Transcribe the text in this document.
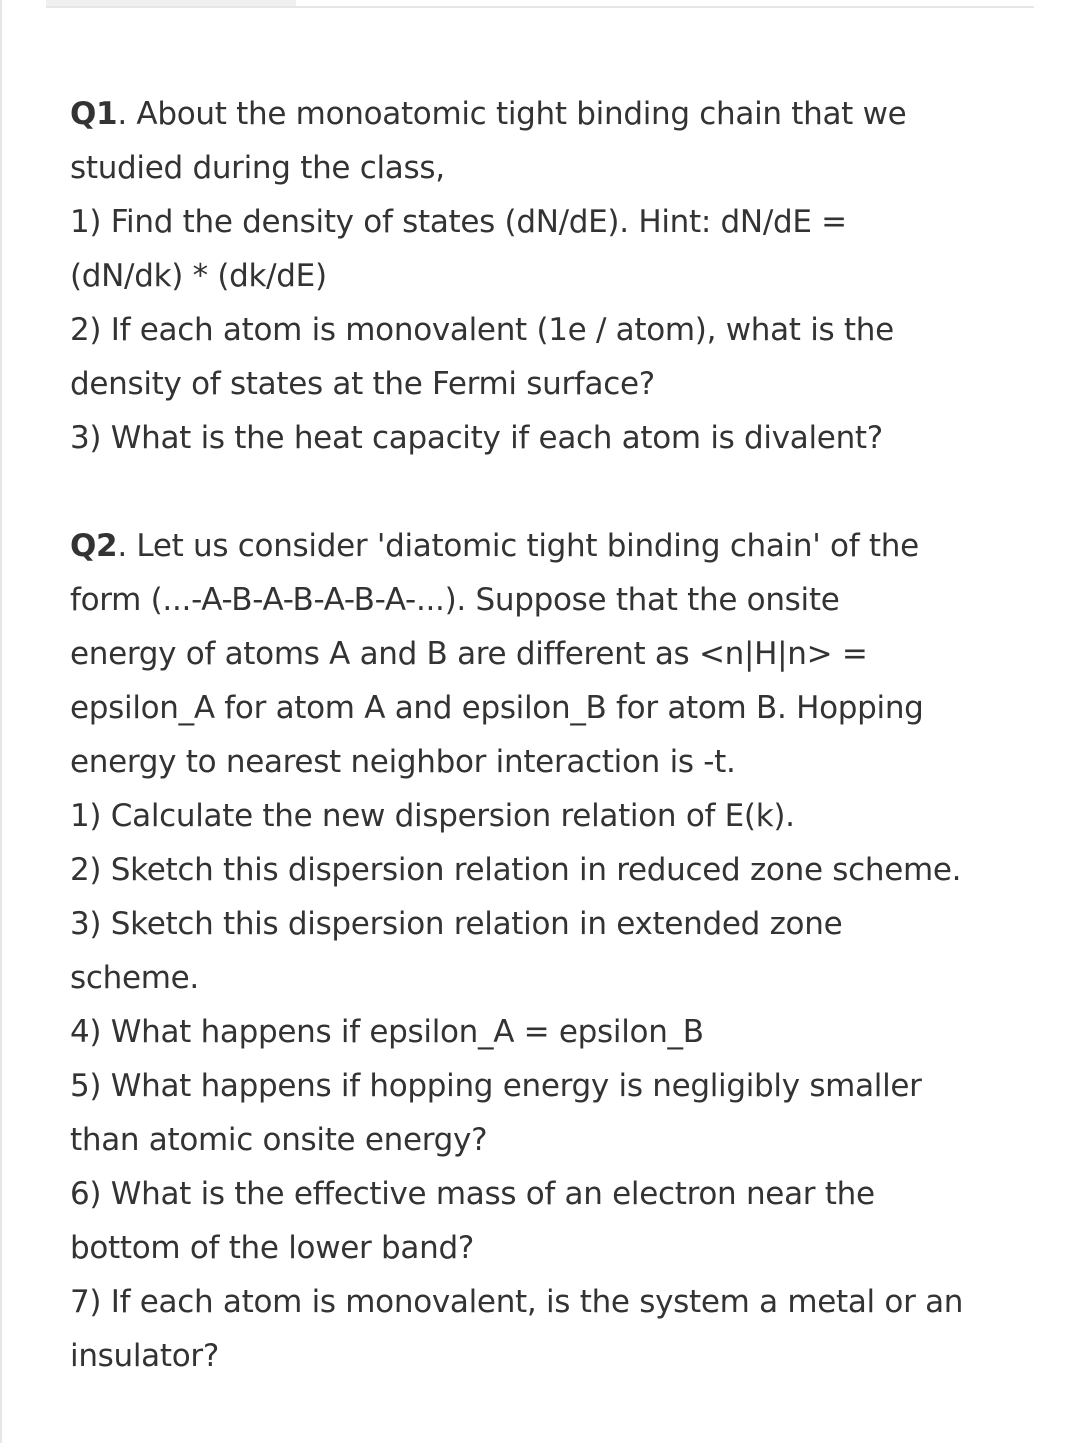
Q1. About the monoatomic tight binding chain that we
studied during the class,
1) Find the density of states (dN/dE). Hint: dN/dE =
(dN/dk) * (dk/dE)
2) If each atom is monovalent (1e / atom), what is the
density of states at the Fermi surface?
3) What is the heat capacity if each atom is divalent?
Q2. Let us consider 'diatomic tight binding chain' of the
form (...-A-B-A-B-A-B-A-...). Suppose that the onsite
energy of atoms A and B are different as <n|H|n> =
epsilon_A for atom A and epsilon_B for atom B. Hopping
energy to nearest neighbor interaction is -t.
1) Calculate the new dispersion relation of E(k).
2) Sketch this dispersion relation in reduced zone scheme.
3) Sketch this dispersion relation in extended zone
scheme.
4) What happens if epsilon_A = epsilon_B
5) What happens if hopping energy is negligibly smaller
than atomic onsite energy?
6) What is the effective mass of an electron near the
bottom of the lower band?
7) If each atom is monovalent, is the system a metal or an
insulator?
